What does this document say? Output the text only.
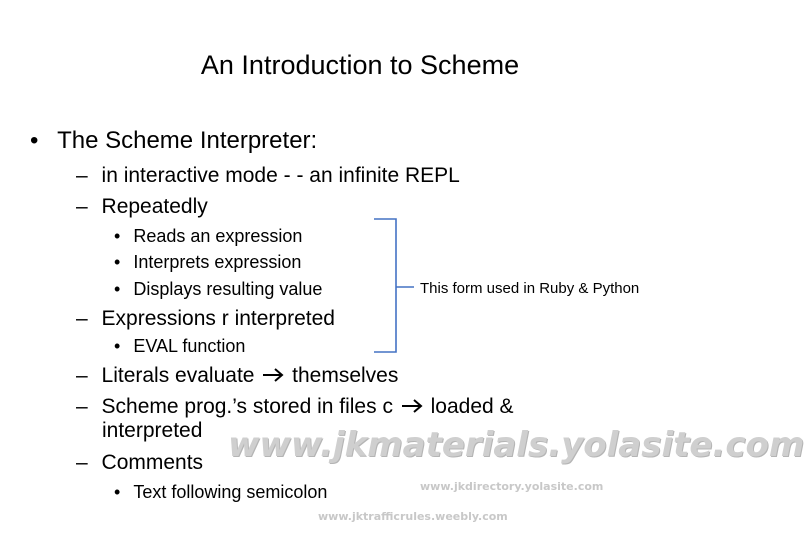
An Introduction to Scheme
• The Scheme Interpreter:
– in interactive mode - - an infinite REPL
– Repeatedly
• Reads an expression
• Interprets expression
• Displays resulting value	This form used in Ruby & Python
– Expressions r interpreted
• EVAL function
– Literals evaluate themselves
– Scheme prog.’s stored in files c loaded &
interpreted
– Comments
• Text following semicolon
www.jkmaterials.yolasite.com
www.jkdirectory.yolasite.com
www.jktrafficrules.weebly.com
